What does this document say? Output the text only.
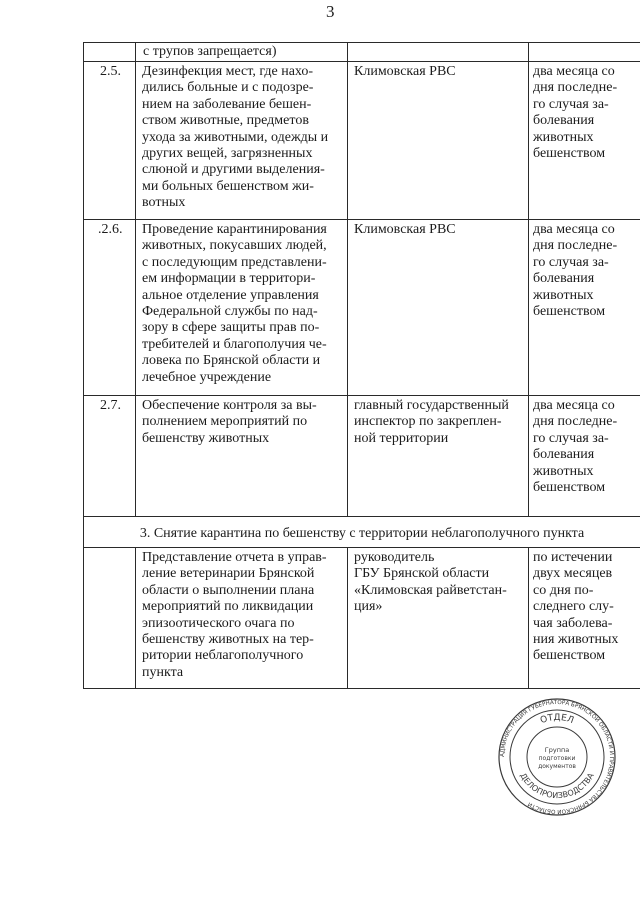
3
с трупов запрещается)
2.5. Дезинфекция мест, где нахо-
дились больные и с подозре-
нием на заболевание бешен-
ством животные, предметов
ухода за животными, одежды и
других вещей, загрязненных
слюной и другими выделения-
ми больных бешенством жи-
вотных
Климовская РВС	два месяца со
дня последне-
го случая за-
болевания
животных
бешенством
.2.6. Проведение карантинирования
животных, покусавших людей,
с последующим представлени-
ем информации в территори-
альное отделение управления
Федеральной службы по над-
зору в сфере защиты прав по-
требителей и благополучия че-
ловека по Брянской области и
лечебное учреждение
Климовская РВС	два месяца со
дня последне-
го случая за-
болевания
животных
бешенством
2.7. Обеспечение контроля за вы-
полнением мероприятий по
бешенству животных
главный государственный
инспектор по закреплен-
ной территории
два месяца со
дня последне-
го случая за-
болевания
животных
бешенством
3. Снятие карантина по бешенству с территории неблагополучного пункта
Представление отчета в управ-
ление ветеринарии Брянской
области о выполнении плана
мероприятий по ликвидации
эпизоотического очага по
бешенству животных на тер-
ритории неблагополучного
пункта
руководитель
ГБУ Брянской области
«Климовская райветстан-
ция»
по истечении
двух месяцев
со дня по-
следнего слу-
чая заболева-
ния животных
бешенством
АДМИНИСТРАЦИЯ ГУБЕРНАТОРА БРЯНСКОЙ ОБЛАСТИ И ПРАВИТЕЛЬСТВА БРЯНСКОЙ ОБЛАСТИ
ОТДЕЛ
ДЕЛОПРОИЗВОДСТВА
Группа
подготовки
документов
